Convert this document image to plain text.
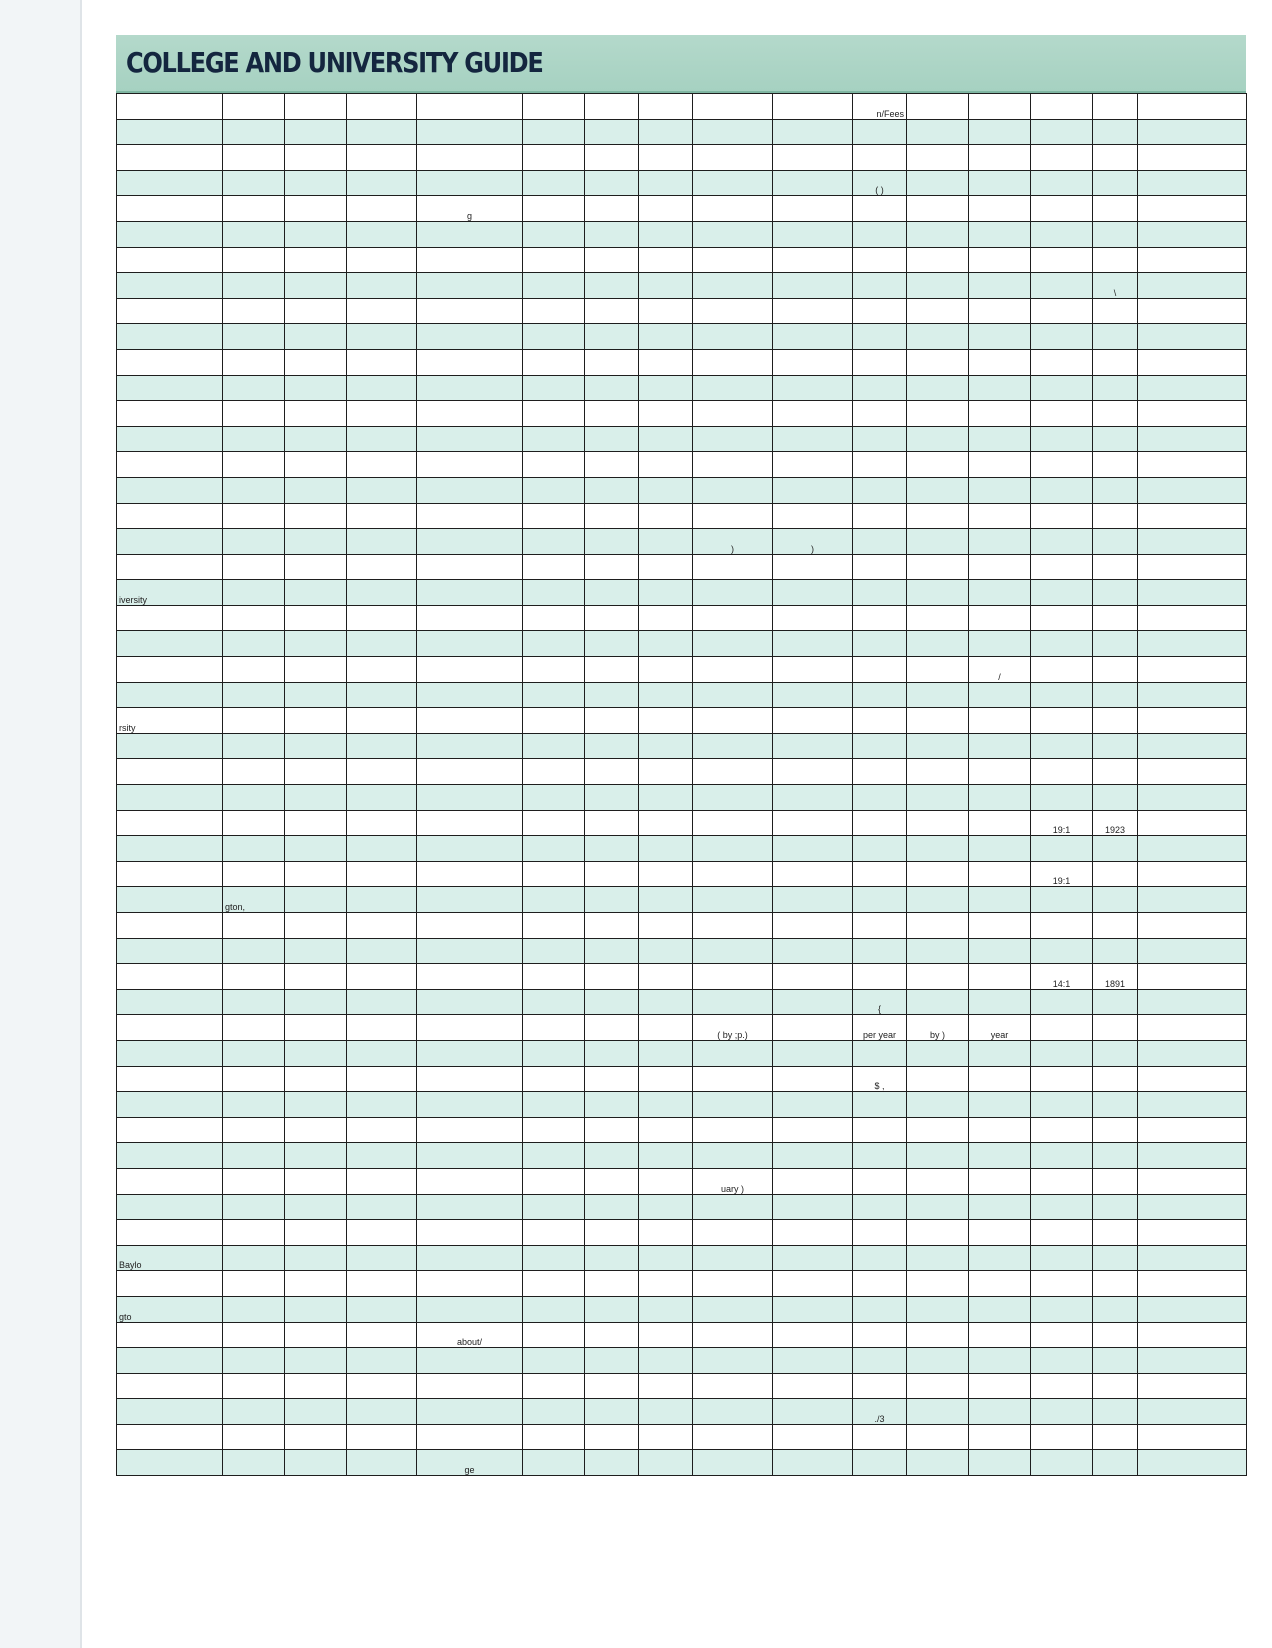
COLLEGE AND UNIVERSITY GUIDE
										n/Fees					

										( )					
				g											

														\	

								)	)						

iversity															

												/			

rsity															

													19:1	1923	

													19:1		
	gton,														

													14:1	1891	
										{					
								( by ;p.)		per year	by )	year			

										$ ,					

								uary )							

Baylo															

gto															
				about/											

										./3					

				ge											
